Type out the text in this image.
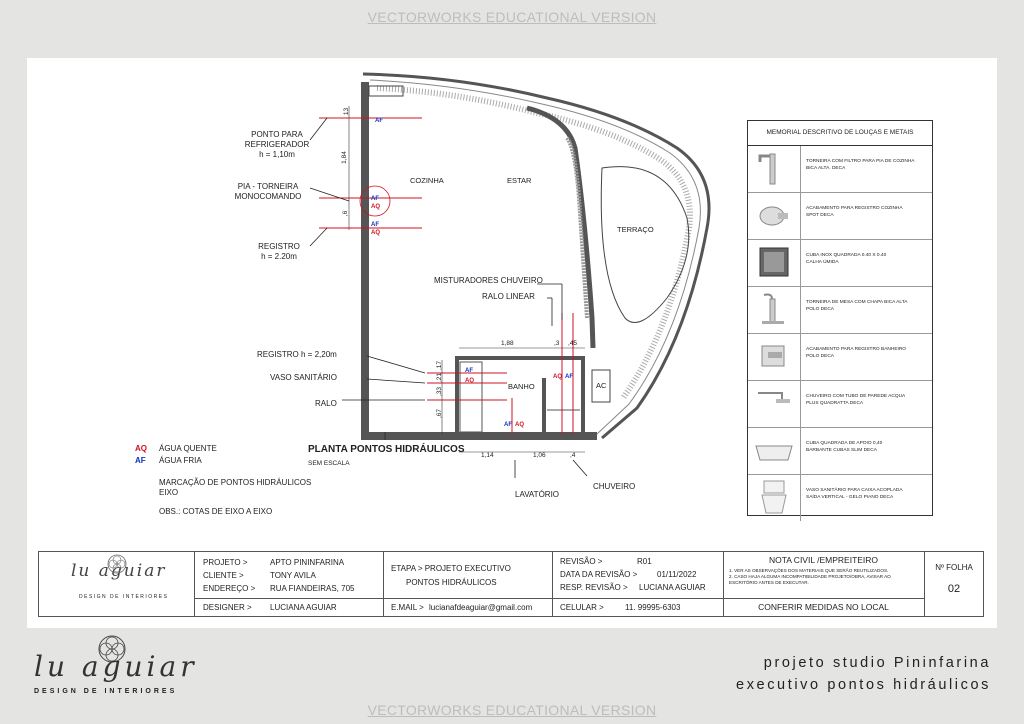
VECTORWORKS EDUCATIONAL VERSION
VECTORWORKS EDUCATIONAL VERSION
PONTO PARA
REFRIGERADOR
h = 1,10m
PIA - TORNEIRA
MONOCOMANDO
REGISTRO
h = 2.20m
MISTURADORES CHUVEIRO
RALO LINEAR
REGISTRO h = 2,20m
VASO SANITÁRIO
RALO
LAVATÓRIO
CHUVEIRO
COZINHA	ESTAR
TERRAÇO
BANHO	AC
AF
AF
AQ
AF
AQ
AF
AQ
AQ AF
AF AQ
13
1,84
,6
1,88	,3 ,45
,17
,21
,33
,67
1,14	1,06	,4
PLANTA PONTOS HIDRÁULICOS
SEM ESCALA
AQ ÁGUA QUENTE
AF ÁGUA FRIA
MARCAÇÃO DE PONTOS HIDRÁULICOS
EIXO
OBS.: COTAS DE EIXO A EIXO
MEMORIAL DESCRITIVO DE LOUÇAS E METAIS
TORNEIRA COM FILTRO PARA PIA DE COZINHA
BICA ALTA. DECA
ACABAMENTO PARA REGISTRO COZINHA
SPOT DECA
CUBA INOX QUADRADA 0.40 X 0.40
CALHA ÚMIDA
TORNEIRA DE MESA COM CHAPA BICA ALTA
POLO DECA
ACABAMENTO PARA REGISTRO BANHEIRO
POLO DECA
CHUVEIRO COM TUBO DE PAREDE ACQUA
PLUS QUADRATTA DECA
CUBA QUADRADA DE APOIO 0,40
BARBANTE CUBAS SLIM DECA
VASO SANITÁRIO PARA CAIXA ACOPLADA
SAÍDA VERTICAL - GELO PIANO DECA
lu aguiar
DESIGN DE INTERIORES
PROJETO >	APTO PININFARINA
CLIENTE >	TONY AVILA
ENDEREÇO > RUA FIANDEIRAS, 705
DESIGNER > LUCIANA AGUIAR
ETAPA > PROJETO EXECUTIVO
PONTOS HIDRÁULICOS
E.MAIL > lucianafdeaguiar@gmail.com
REVISÃO >	R01
DATA DA REVISÃO > 01/11/2022
RESP. REVISÃO > LUCIANA AGUIAR
CELULAR >	11. 99995-6303
NOTA CIVIL /EMPREITEIRO
1. VER AS OBSERVAÇÕES DOS MATERIAIS QUE SERÃO REUTILIZADOS.
2. CASO HAJA ALGUMA INCOMPATIBILIDADE PROJETO/OBRA, AVISAR AO
ESCRITÓRIO ANTES DE EXECUTAR.
CONFERIR MEDIDAS NO LOCAL
Nº FOLHA
02
lu aguiar
DESIGN DE INTERIORES
projeto studio Pininfarina
executivo pontos hidráulicos
